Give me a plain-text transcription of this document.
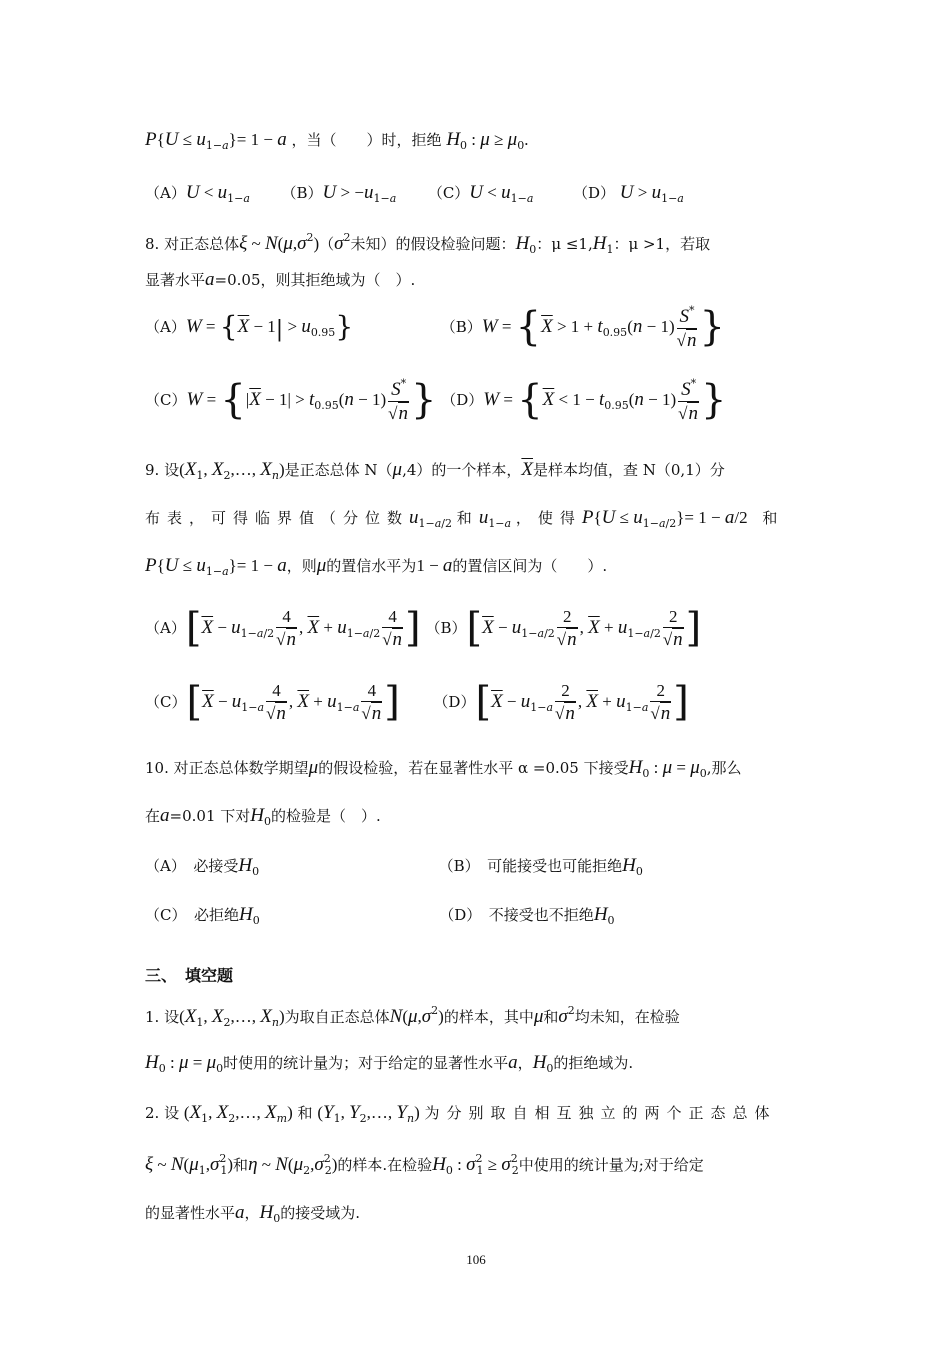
$P\{U \le u_{1-a}\}= 1 - a$ ，当（　　）时，拒绝 $H_0$ : $\mu \ge \mu_0$.
$(A)U < u_{1-a}$ $(B)U > -u_{1-a}$ $(C)U < u_{1-a}$	（D） $U > u_{1-a}$
8. 对正态总体ξ ~ $N(\mu,\sigma^2)(\sigma^2$未知）的假设检验问题：$H_0$：$\mu \le 1,H_1$：μ >1，若取
显著水平a=0.05，则其拒绝域为（　）.
$(A)W = \{\overline{X} - 1| > u_{0.95}\}$	$(B)W = \{\overline{X} > 1 + t_{0.95}(n - 1) \frac{S^*}{√n}$ }
$(C)W = \{|\overline{X} - 1| > t_{0.95}(n - 1) \frac{S^*}{√n}$ } $(D)W = \{\overline{X} < 1 - t_{0.95}(n - 1) \frac{S^*}{√n}$ }
9. 设($X_1$, $X_2,\dots$, $X_n$)是正态总体 N（μ,4）的一个样本，$\overline{X}$是样本均值，查 N（0,1）分
布表，可得临界值（分位数$u_{1-a/2}$ 和$u_{1-a}$ ，使得$P\{U \le u_{1-a/2}\}= 1 - a/2$ 和
$P\{U \le u_{1-a}\}= 1 - a$，则μ的置信水平为1 − a的置信区间为（　　）.
$(A)[\overline{X} - u_{1-a/2} \frac{4}{√n}$ , $\overline{X} + u_{1-a/2} \frac{4}{√n}$ ] $(B)[\overline{X} - u_{1-a/2} \frac{2}{√n}$ , $\overline{X} + u_{1-a/2} \frac{2}{√n}$ ]
$(C)[\overline{X} - u_{1-a} \frac{4}{√n}$ , $\overline{X} + u_{1-a} \frac{4}{√n}$ ] $(D)[\overline{X} - u_{1-a} \frac{2}{√n}$ , $\overline{X} + u_{1-a} \frac{2}{√n}$ ]
10. 对正态总体数学期望μ的假设检验，若在显著性水平 α =0.05 下接受$H_0$ : $\mu = \mu_0$,那么
在a=0.01 下对$H_0$的检验是（　）.
（A）　必接受$H_0$	（B）　可能接受也可能拒绝$H_0$
（C）　必拒绝$H_0$	（D）　不接受也不拒绝$H_0$
三、　填空题
1. 设($X_1$, $X_2,\dots$, $X_n$)为取自正态总体$N(\mu,\sigma^2)$的样本，其中μ和$\sigma^2$均未知，在检验
$H_0$ : $\mu = \mu_0$时使用的统计量为；对于给定的显著性水平a，$H_0$的拒绝域为.
2. 设 ($X_1$, $X_2,\dots$, $X_m$) 和 ($Y_1$, $Y_2,\dots$, $Y_n$) 为分别取自相互独立的两个正态总体
ξ ~ $N(\mu_1,\sigma^2_1)$和η ~ $N(\mu_2,\sigma^2_2)$的样本.在检验$H_0$ : $\sigma^2_1 \ge \sigma^2_2$中使用的统计量为;对于给定
的显著性水平a，$H_0$的接受域为.
106
